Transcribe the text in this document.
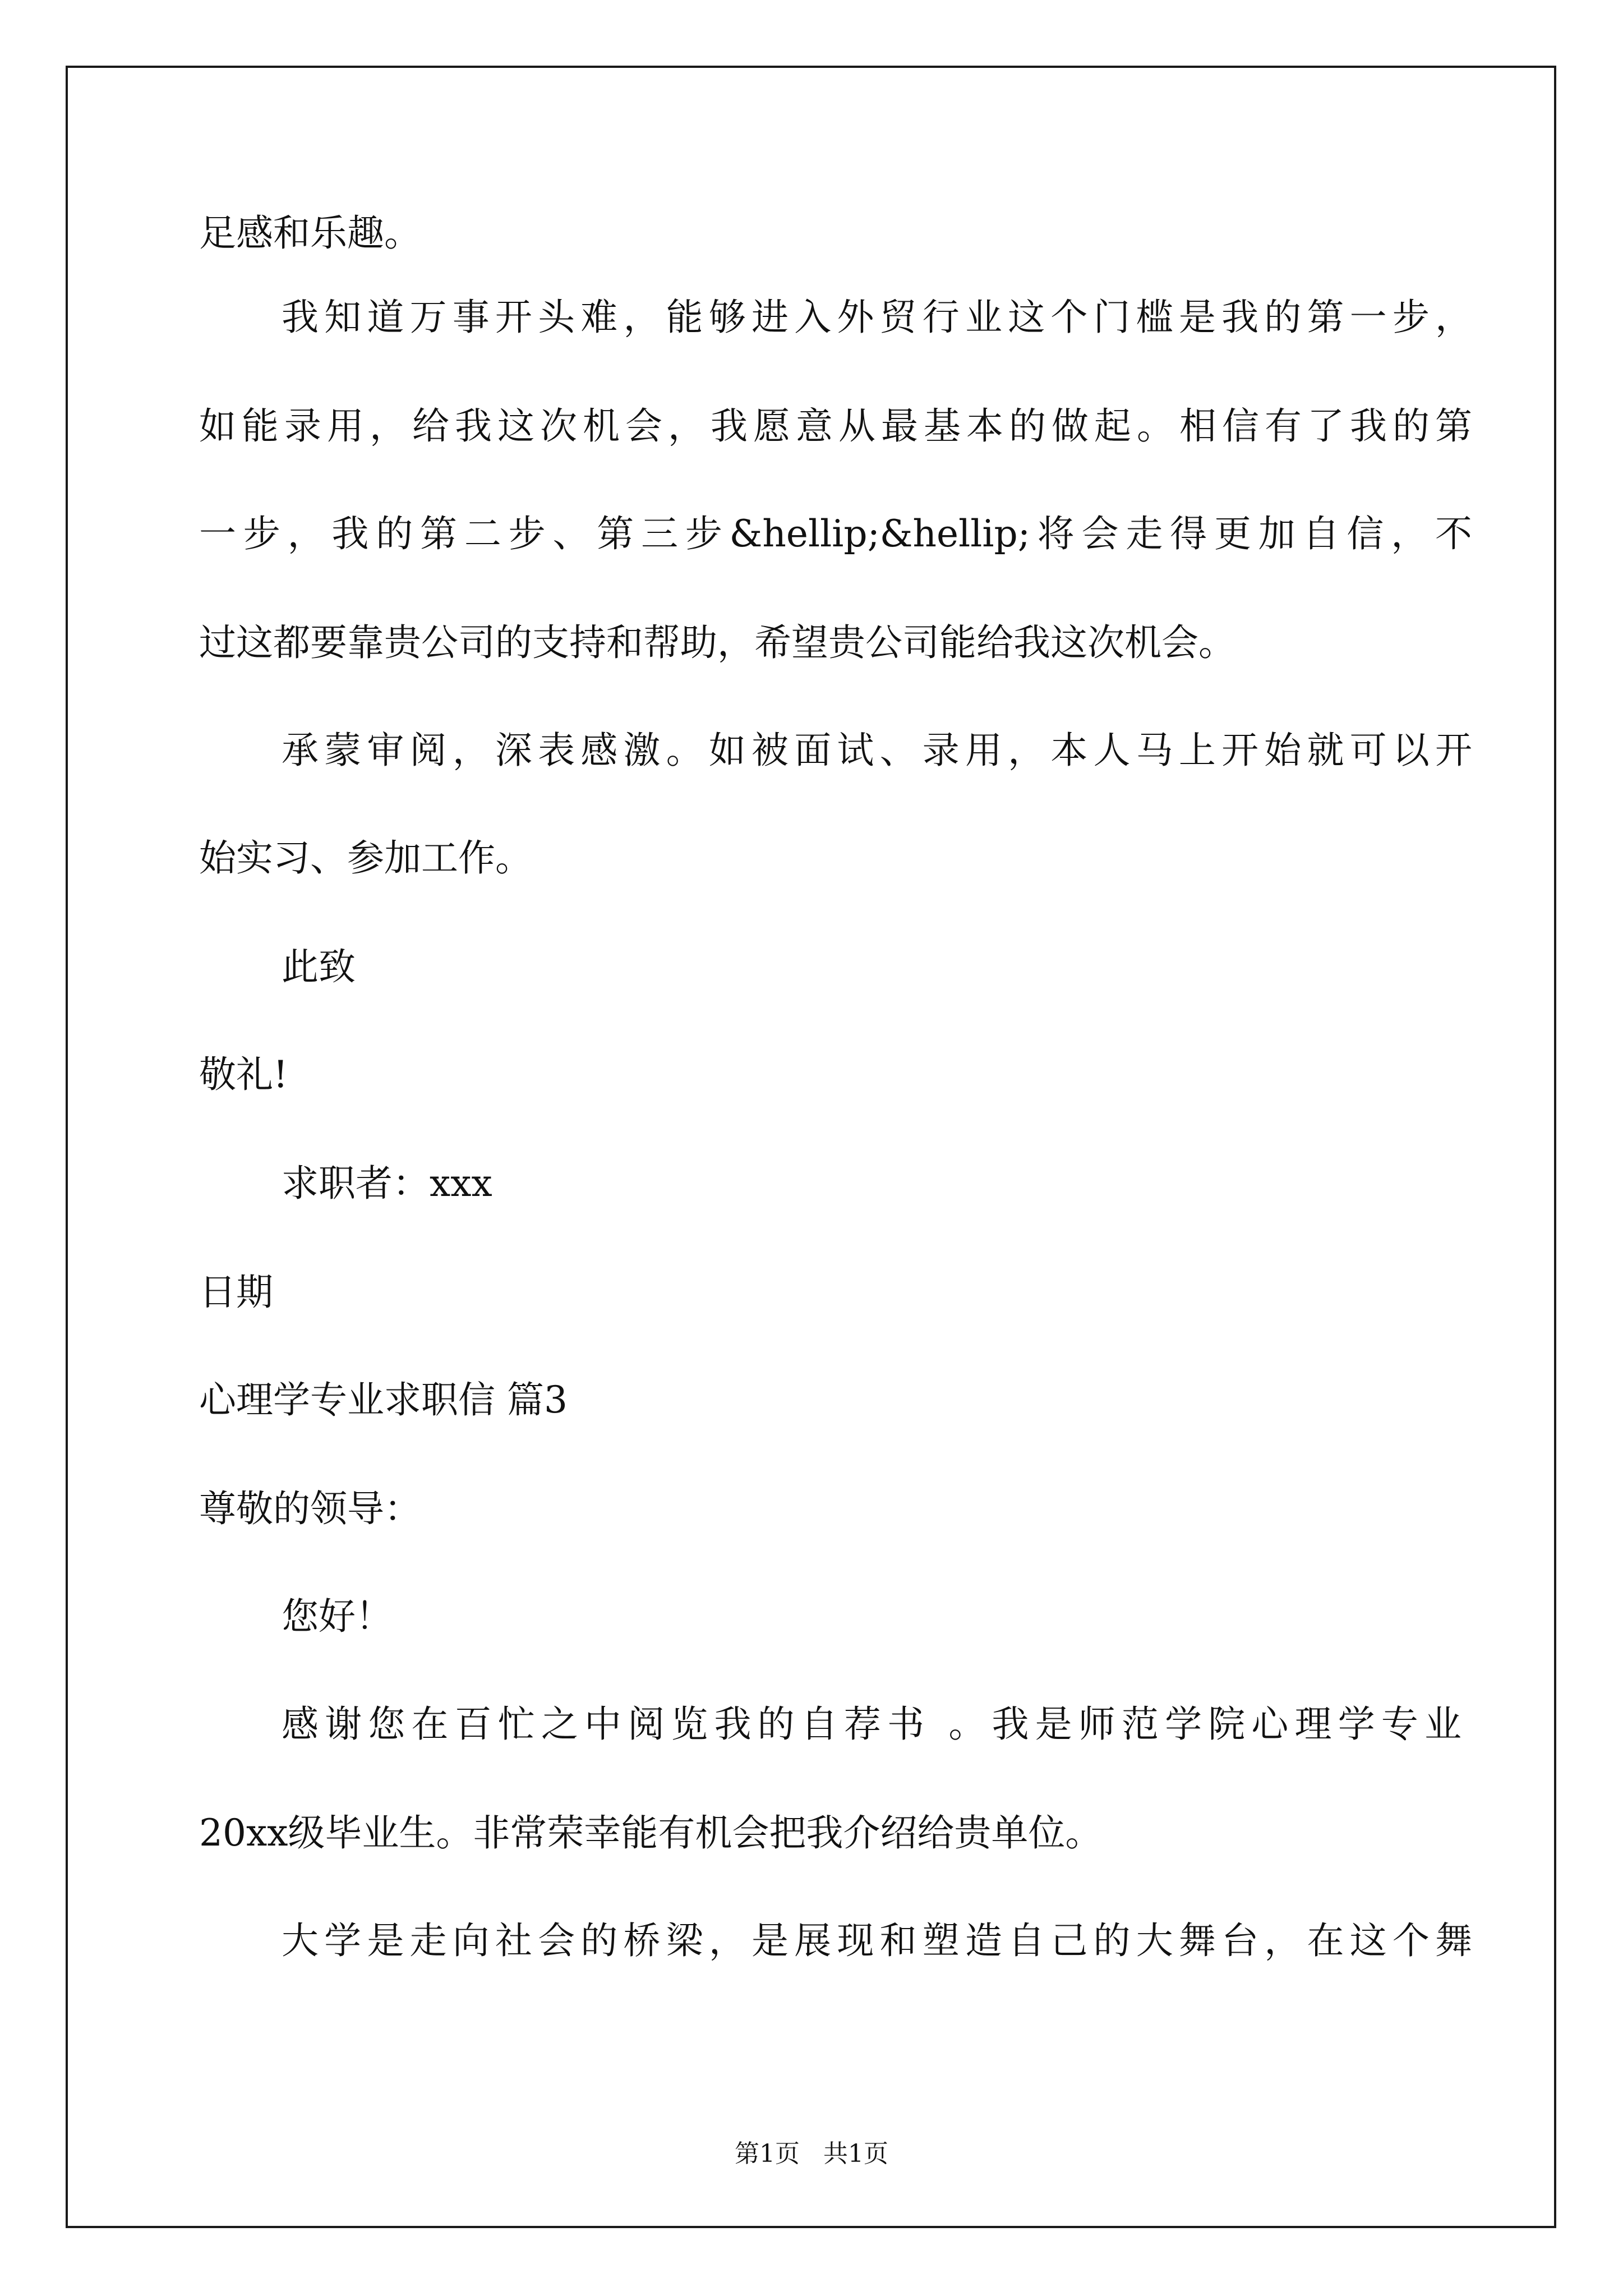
足感和乐趣。
我知道万事开头难，能够进入外贸行业这个门槛是我的第一步，
如能录用，给我这次机会，我愿意从最基本的做起。相信有了我的第
一步，我的第二步、第三步&hellip;&hellip;将会走得更加自信，不
过这都要靠贵公司的支持和帮助，希望贵公司能给我这次机会。
承蒙审阅，深表感激。如被面试、录用，本人马上开始就可以开
始实习、参加工作。
此致
敬礼!
求职者：xxx
日期
心理学专业求职信 篇3
尊敬的领导：
您好！
感谢您在百忙之中阅览我的自荐书 。我是师范学院心理学专业
20xx级毕业生。非常荣幸能有机会把我介绍给贵单位。
大学是走向社会的桥梁，是展现和塑造自己的大舞台，在这个舞
第1页   共1页
